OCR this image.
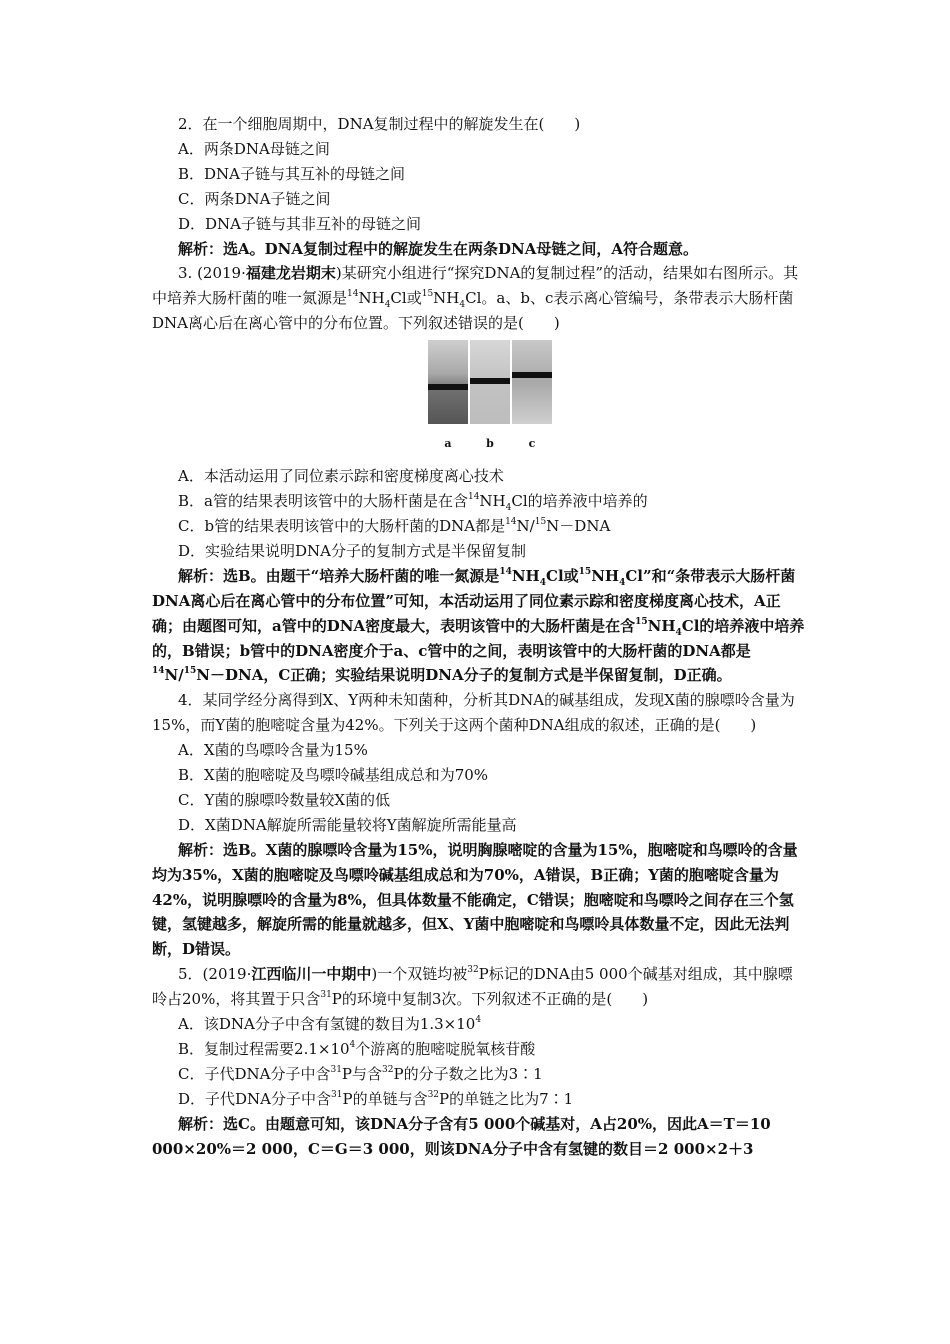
2．在一个细胞周期中，DNA复制过程中的解旋发生在(　　)

A．两条DNA母链之间

B．DNA子链与其互补的母链之间

C．两条DNA子链之间

D．DNA子链与其非互补的母链之间

解析：选A。DNA复制过程中的解旋发生在两条DNA母链之间，A符合题意。

3. (2019·福建龙岩期末)某研究小组进行“探究DNA的复制过程”的活动，结果如右图所示。其中培养大肠杆菌的唯一氮源是$^{14}NH_4Cl$或$^{15}NH_4Cl$。a、b、c表示离心管编号，条带表示大肠杆菌DNA离心后在离心管中的分布位置。下列叙述错误的是(　　)

a	b	c

A．本活动运用了同位素示踪和密度梯度离心技术

B．a管的结果表明该管中的大肠杆菌是在含$^{14}NH_4Cl$的培养液中培养的

C．b管的结果表明该管中的大肠杆菌的DNA都是$^{14}$N/$^{15}$N－DNA

D．实验结果说明DNA分子的复制方式是半保留复制

解析：选B。由题干“培养大肠杆菌的唯一氮源是$^{14}NH_4Cl$或$^{15}NH_4Cl$”和“条带表示大肠杆菌DNA离心后在离心管中的分布位置”可知，本活动运用了同位素示踪和密度梯度离心技术，A正确；由题图可知，a管中的DNA密度最大，表明该管中的大肠杆菌是在含$^{15}NH_4Cl$的培养液中培养的，B错误；b管中的DNA密度介于a、c管中的之间，表明该管中的大肠杆菌的DNA都是$^{14}$N/$^{15}$N－DNA，C正确；实验结果说明DNA分子的复制方式是半保留复制，D正确。

4．某同学经分离得到X、Y两种未知菌种，分析其DNA的碱基组成，发现X菌的腺嘌呤含量为15%，而Y菌的胞嘧啶含量为42%。下列关于这两个菌种DNA组成的叙述，正确的是(　　)

A．X菌的鸟嘌呤含量为15%

B．X菌的胞嘧啶及鸟嘌呤碱基组成总和为70%

C．Y菌的腺嘌呤数量较X菌的低

D．X菌DNA解旋所需能量较将Y菌解旋所需能量高

解析：选B。X菌的腺嘌呤含量为15%，说明胸腺嘧啶的含量为15%，胞嘧啶和鸟嘌呤的含量均为35%，X菌的胞嘧啶及鸟嘌呤碱基组成总和为70%，A错误，B正确；Y菌的胞嘧啶含量为42%，说明腺嘌呤的含量为8%，但具体数量不能确定，C错误；胞嘧啶和鸟嘌呤之间存在三个氢键，氢键越多，解旋所需的能量就越多，但X、Y菌中胞嘧啶和鸟嘌呤具体数量不定，因此无法判断，D错误。

5．(2019·江西临川一中期中)一个双链均被$^{32}$P标记的DNA由5 000个碱基对组成，其中腺嘌呤占20%，将其置于只含$^{31}$P的环境中复制3次。下列叙述不正确的是(　　)

A．该DNA分子中含有氢键的数目为$1.3\times 10^4$

B．复制过程需要$2.1\times 10^4$个游离的胞嘧啶脱氧核苷酸

C．子代DNA分子中含$^{31}$P与含$^{32}$P的分子数之比为3∶1

D．子代DNA分子中含$^{31}$P的单链与含$^{32}$P的单链之比为7∶1

解析：选C。由题意可知，该DNA分子含有5 000个碱基对，A占20%，因此A＝T＝10 000×20%＝2 000，C＝G＝3 000，则该DNA分子中含有氢键的数目＝2 000×2＋3
